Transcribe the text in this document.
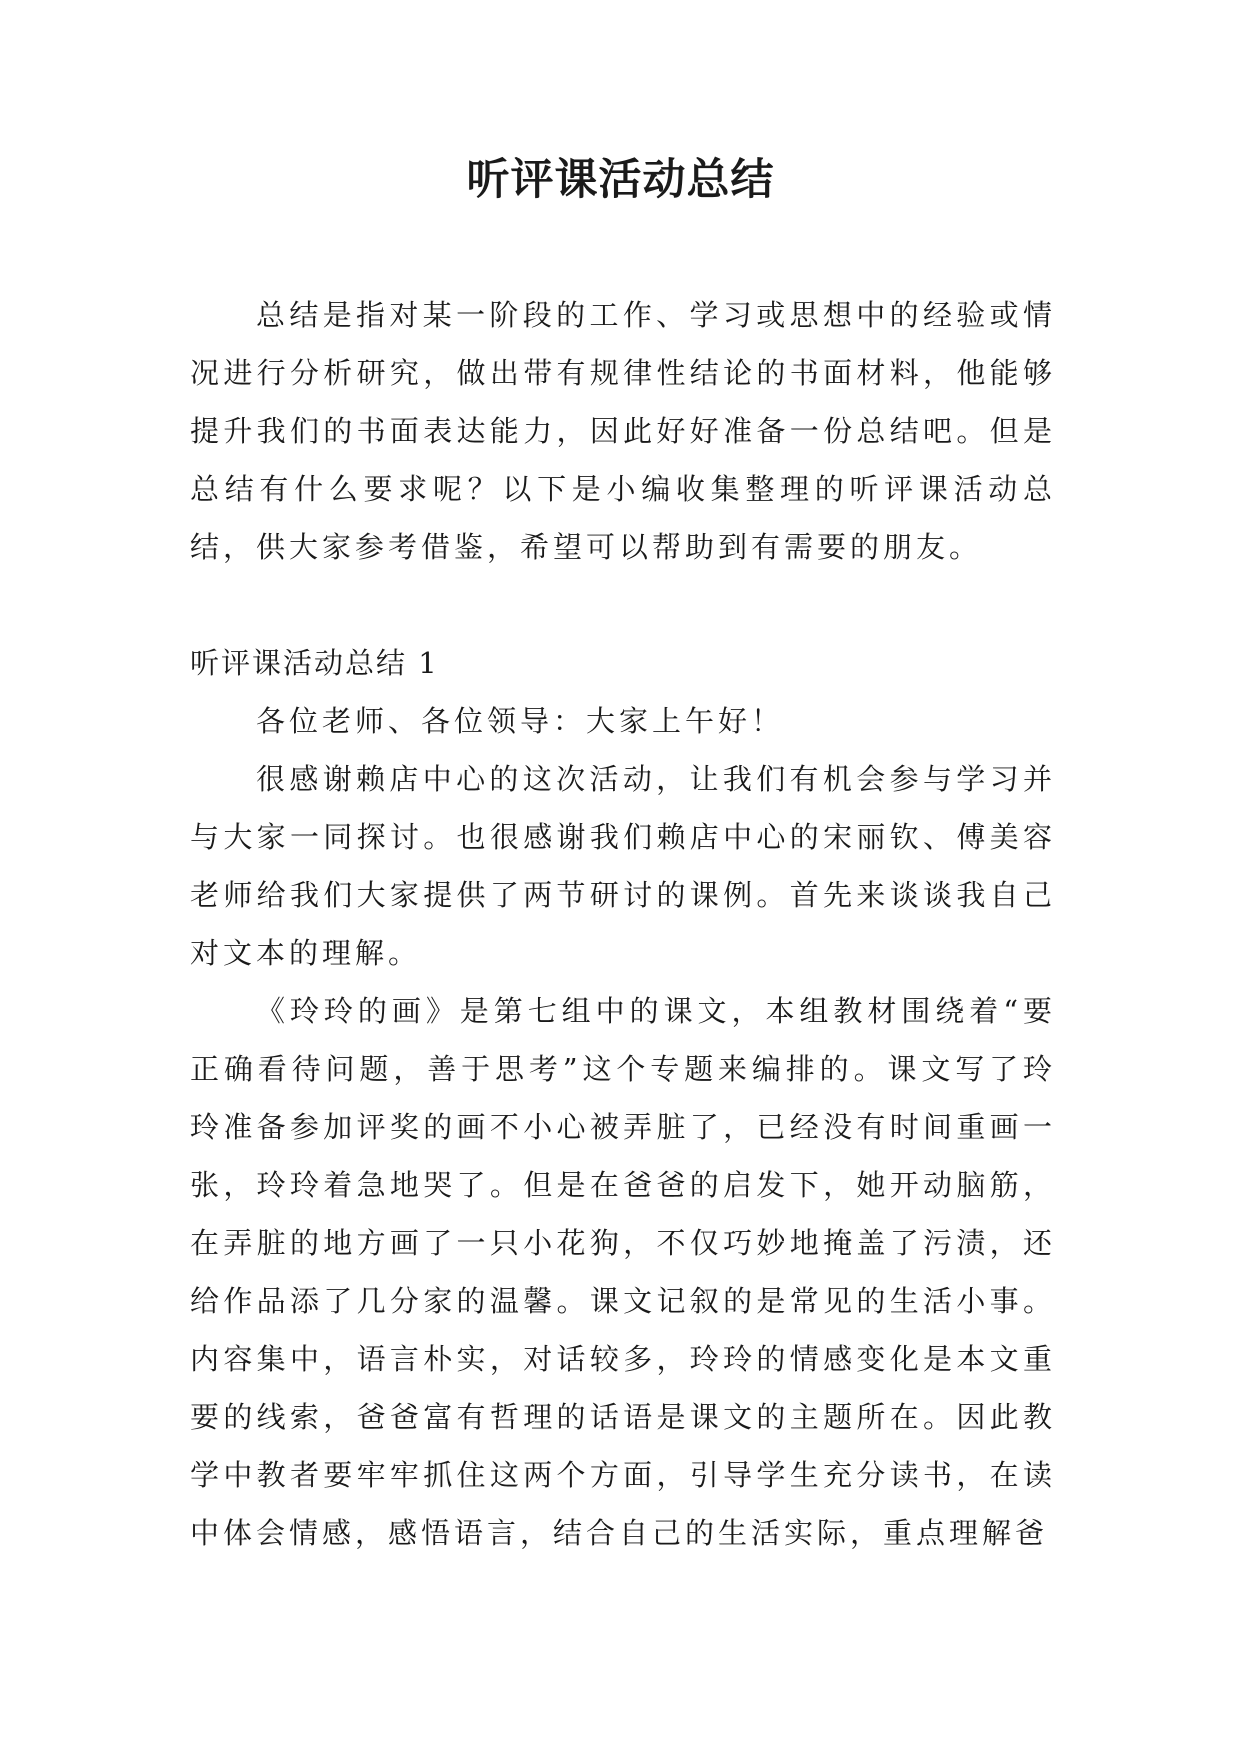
听评课活动总结

总结是指对某一阶段的工作、学习或思想中的经验或情况进行分析研究，做出带有规律性结论的书面材料，他能够提升我们的书面表达能力，因此好好准备一份总结吧。但是总结有什么要求呢？以下是小编收集整理的听评课活动总结，供大家参考借鉴，希望可以帮助到有需要的朋友。

听评课活动总结 1

各位老师、各位领导：大家上午好！

很感谢赖店中心的这次活动，让我们有机会参与学习并与大家一同探讨。也很感谢我们赖店中心的宋丽钦、傅美容老师给我们大家提供了两节研讨的课例。首先来谈谈我自己对文本的理解。

《玲玲的画》是第七组中的课文，本组教材围绕着“要正确看待问题，善于思考”这个专题来编排的。课文写了玲玲准备参加评奖的画不小心被弄脏了，已经没有时间重画一张，玲玲着急地哭了。但是在爸爸的启发下，她开动脑筋，在弄脏的地方画了一只小花狗，不仅巧妙地掩盖了污渍，还给作品添了几分家的温馨。课文记叙的是常见的生活小事。内容集中，语言朴实，对话较多，玲玲的情感变化是本文重要的线索，爸爸富有哲理的话语是课文的主题所在。因此教学中教者要牢牢抓住这两个方面，引导学生充分读书，在读中体会情感，感悟语言，结合自己的生活实际，重点理解爸
